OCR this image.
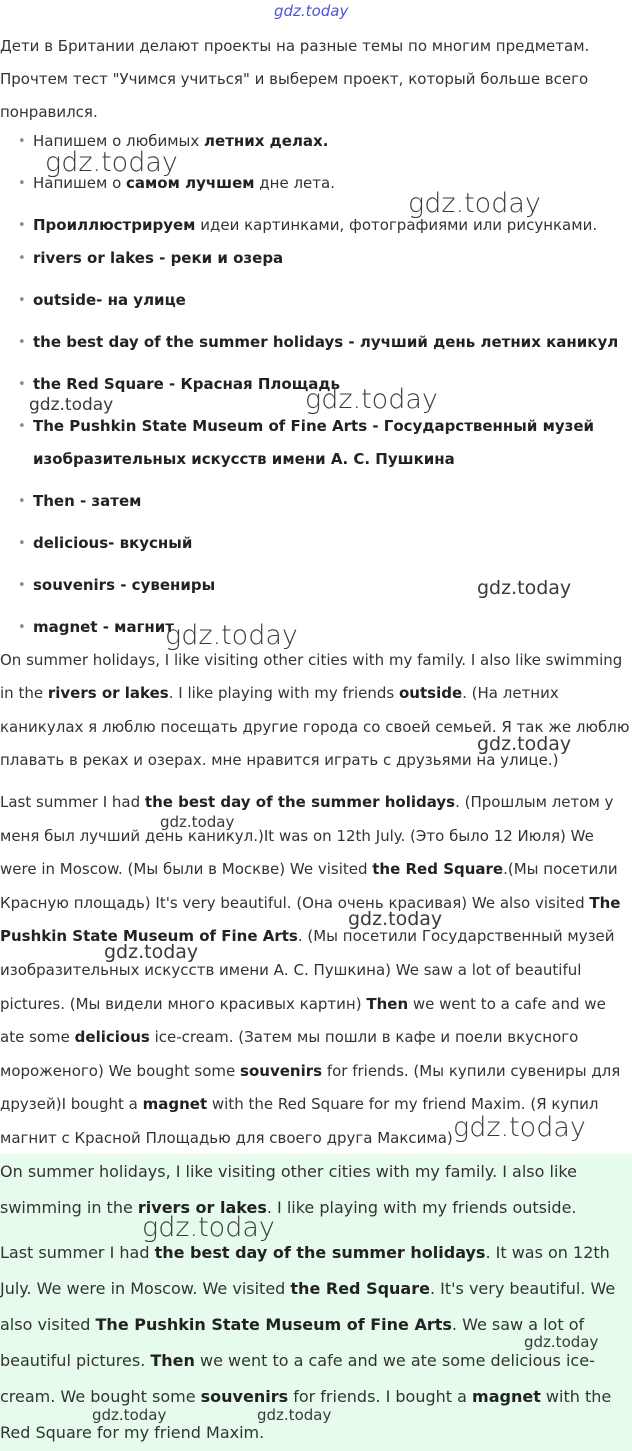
gdz.today

Дети в Британии делают проекты на разные темы по многим предметам. Прочтем тест "Учимся учиться" и выберем проект, который больше всего понравился.

• Напишем о любимых летних делах.
• Напишем о самом лучшем дне лета.
• Проиллюстрируем идеи картинками, фотографиями или рисунками.
• rivers or lakes - реки и озера
• outside- на улице
• the best day of the summer holidays - лучший день летних каникул
• the Red Square - Красная Площадь
• The Pushkin State Museum of Fine Arts - Государственный музей изобразительных искусств имени А. С. Пушкина
• Then - затем
• delicious- вкусный
• souvenirs - сувениры
• magnet - магнит

On summer holidays, I like visiting other cities with my family. I also like swimming in the rivers or lakes. I like playing with my friends outside. (На летних каникулах я люблю посещать другие города со своей семьей. Я так же люблю плавать в реках и озерах. мне нравится играть с друзьями на улице.)

Last summer I had the best day of the summer holidays. (Прошлым летом у меня был лучший день каникул.)It was on 12th July. (Это было 12 Июля) We were in Moscow. (Мы были в Москве) We visited the Red Square.(Мы посетили Красную площадь) It's very beautiful. (Она очень красивая) We also visited The Pushkin State Museum of Fine Arts. (Мы посетили Государственный музей изобразительных искусств имени А. С. Пушкина) We saw a lot of beautiful pictures. (Мы видели много красивых картин) Then we went to a cafe and we ate some delicious ice-cream. (Затем мы пошли в кафе и поели вкусного мороженого) We bought some souvenirs for friends. (Мы купили сувениры для друзей)I bought a magnet with the Red Square for my friend Maxim. (Я купил магнит с Красной Площадью для своего друга Максима)

On summer holidays, I like visiting other cities with my family. I also like swimming in the rivers or lakes. I like playing with my friends outside.

Last summer I had the best day of the summer holidays. It was on 12th July. We were in Moscow. We visited the Red Square. It's very beautiful. We also visited The Pushkin State Museum of Fine Arts. We saw a lot of beautiful pictures. Then we went to a cafe and we ate some delicious ice-cream. We bought some souvenirs for friends. I bought a magnet with the Red Square for my friend Maxim.

gdz.today
gdz.today
gdz.today	gdz.today
gdz.today
gdz.today
gdz.today
gdz.today
gdz.today
gdz.today
gdz.today
gdz.today
gdz.today	gdz.today
gdz.today
